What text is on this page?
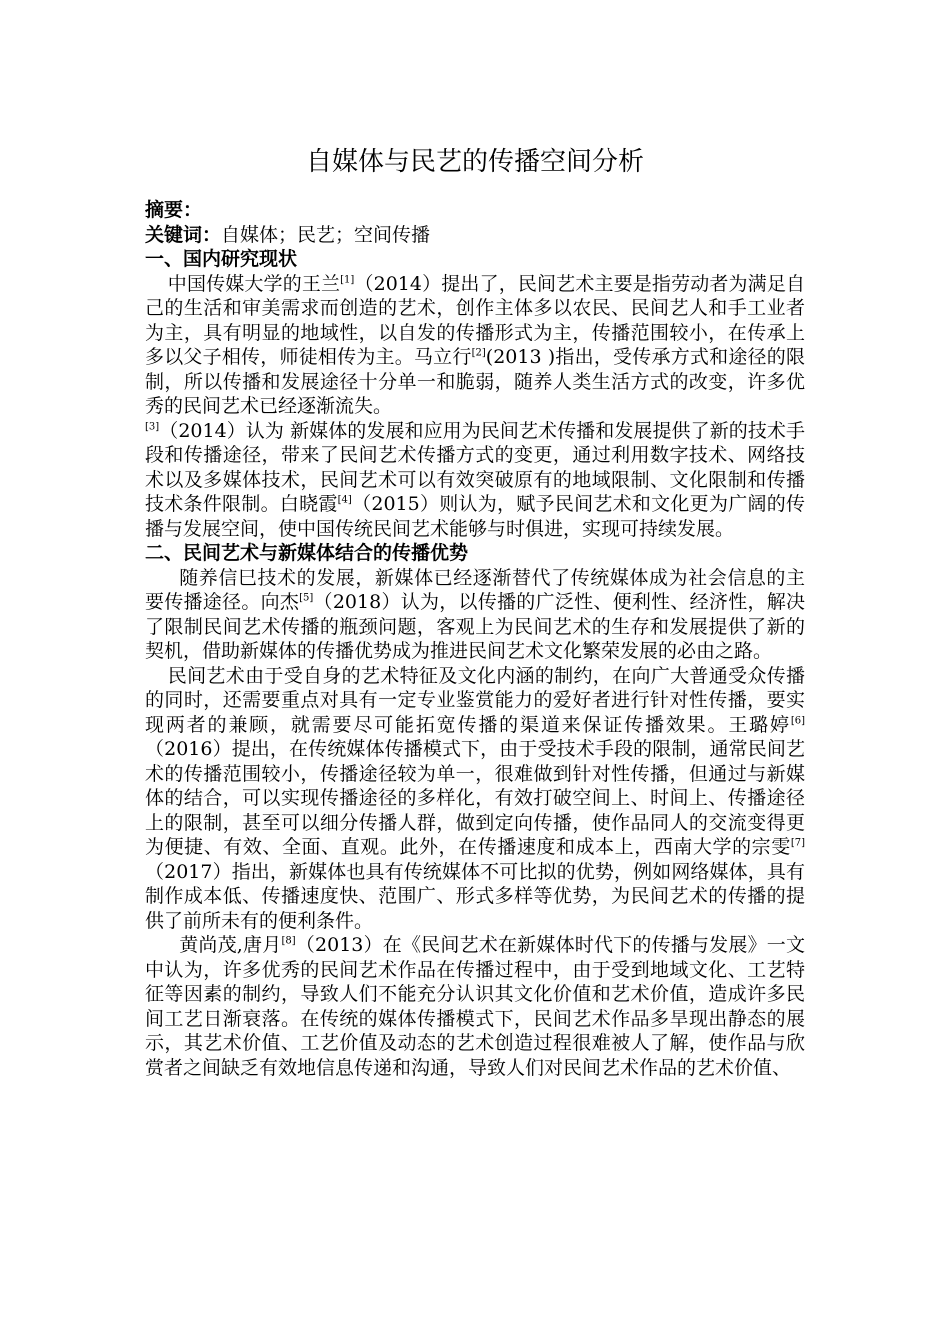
自媒体与民艺的传播空间分析

摘要：

关键词：自媒体；民艺；空间传播

一、国内研究现状

中国传媒大学的王兰[1]（2014）提出了，民间艺术主要是指劳动者为满足自己的生活和审美需求而创造的艺术，创作主体多以农民、民间艺人和手工业者为主，具有明显的地域性，以自发的传播形式为主，传播范围较小，在传承上多以父子相传，师徒相传为主。马立行[2](2013 )指出，受传承方式和途径的限制，所以传播和发展途径十分单一和脆弱，随养人类生活方式的改变，许多优秀的民间艺术已经逐渐流失。

[3]（2014）认为 新媒体的发展和应用为民间艺术传播和发展提供了新的技术手段和传播途径，带来了民间艺术传播方式的变更，通过利用数字技术、网络技术以及多媒体技术，民间艺术可以有效突破原有的地域限制、文化限制和传播技术条件限制。白晓霞[4]（2015）则认为，赋予民间艺术和文化更为广阔的传播与发展空间，使中国传统民间艺术能够与时俱进，实现可持续发展。

二、民间艺术与新媒体结合的传播优势

随养信巳技术的发展，新媒体已经逐渐替代了传统媒体成为社会信息的主要传播途径。向杰[5]（2018）认为，以传播的广泛性、便利性、经济性，解决了限制民间艺术传播的瓶颈问题，客观上为民间艺术的生存和发展提供了新的契机，借助新媒体的传播优势成为推进民间艺术文化繁荣发展的必由之路。

民间艺术由于受自身的艺术特征及文化内涵的制约，在向广大普通受众传播的同时，还需要重点对具有一定专业鉴赏能力的爱好者进行针对性传播，要实现两者的兼顾，就需要尽可能拓宽传播的渠道来保证传播效果。王璐婷[6]（2016）提出，在传统媒体传播模式下，由于受技术手段的限制，通常民间艺术的传播范围较小，传播途径较为单一，很难做到针对性传播，但通过与新媒体的结合，可以实现传播途径的多样化，有效打破空间上、时间上、传播途径上的限制，甚至可以细分传播人群，做到定向传播，使作品同人的交流变得更为便捷、有效、全面、直观。此外，在传播速度和成本上，西南大学的宗雯[7]（2017）指出，新媒体也具有传统媒体不可比拟的优势，例如网络媒体，具有制作成本低、传播速度快、范围广、形式多样等优势，为民间艺术的传播的提供了前所未有的便利条件。

黄尚茂,唐月[8]（2013）在《民间艺术在新媒体时代下的传播与发展》一文中认为，许多优秀的民间艺术作品在传播过程中，由于受到地域文化、工艺特征等因素的制约，导致人们不能充分认识其文化价值和艺术价值，造成许多民间工艺日渐衰落。在传统的媒体传播模式下，民间艺术作品多旱现出静态的展示，其艺术价值、工艺价值及动态的艺术创造过程很难被人了解，使作品与欣赏者之间缺乏有效地信息传递和沟通，导致人们对民间艺术作品的艺术价值、
